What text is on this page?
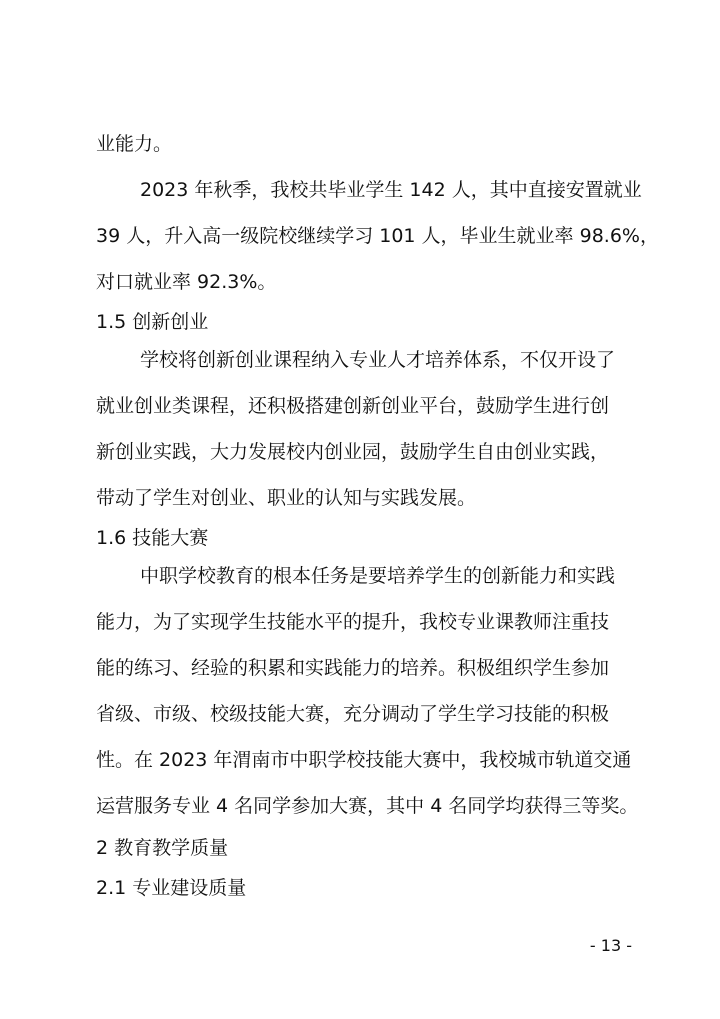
业能力。
2023 年秋季，我校共毕业学生 142 人，其中直接安置就业
39 人，升入高一级院校继续学习 101 人，毕业生就业率 98.6%，
对口就业率 92.3%。
1.5 创新创业
学校将创新创业课程纳入专业人才培养体系，不仅开设了
就业创业类课程，还积极搭建创新创业平台，鼓励学生进行创
新创业实践，大力发展校内创业园，鼓励学生自由创业实践，
带动了学生对创业、职业的认知与实践发展。
1.6 技能大赛
中职学校教育的根本任务是要培养学生的创新能力和实践
能力，为了实现学生技能水平的提升，我校专业课教师注重技
能的练习、经验的积累和实践能力的培养。积极组织学生参加
省级、市级、校级技能大赛，充分调动了学生学习技能的积极
性。在 2023 年渭南市中职学校技能大赛中，我校城市轨道交通
运营服务专业 4 名同学参加大赛，其中 4 名同学均获得三等奖。
2 教育教学质量
2.1 专业建设质量
- 13 -
